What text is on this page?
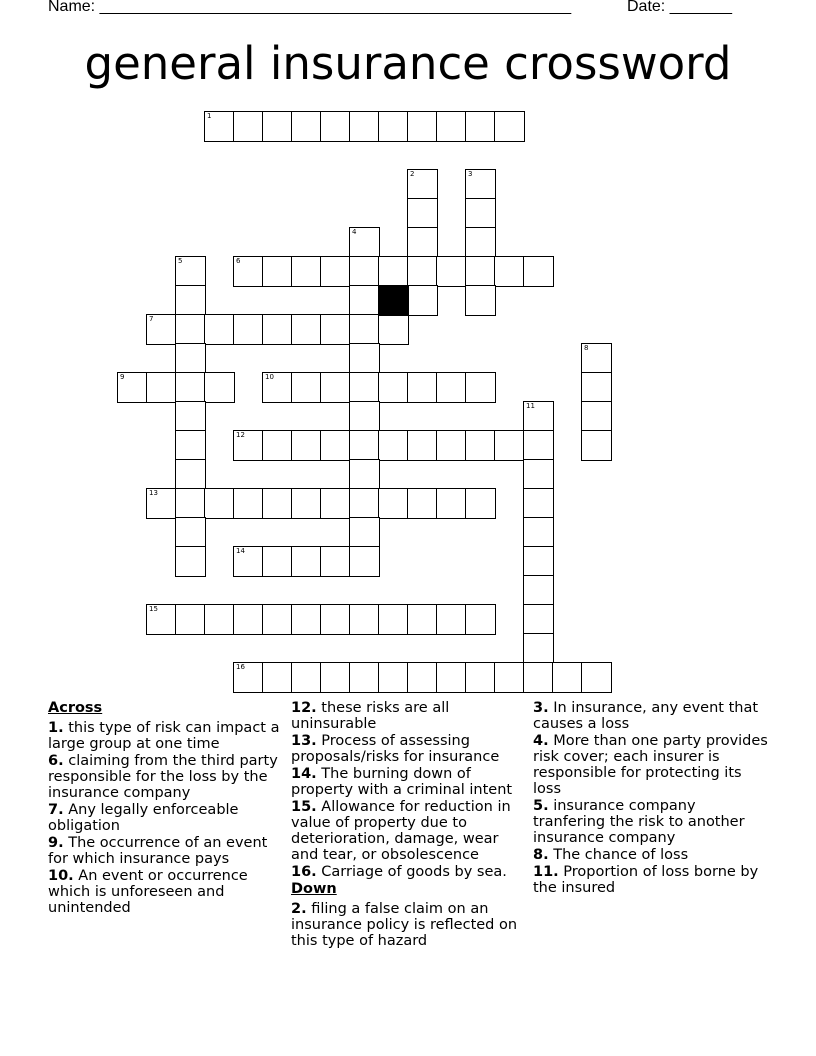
Name: _____________________________________________________	Date: _______
general insurance crossword
1
2	3
4
5	6
7
8
9	10
11
12
13
14
15
16
Across
1. this type of risk can impact a large group at one time
6. claiming from the third party responsible for the loss by the insurance company
7. Any legally enforceable obligation
9. The occurrence of an event for which insurance pays
10. An event or occurrence which is unforeseen and unintended
12. these risks are all uninsurable
13. Process of assessing proposals/risks for insurance
14. The burning down of property with a criminal intent
15. Allowance for reduction in value of property due to deterioration, damage, wear and tear, or obsolescence
16. Carriage of goods by sea.
Down
2. filing a false claim on an insurance policy is reflected on this type of hazard
3. In insurance, any event that causes a loss
4. More than one party provides risk cover; each insurer is responsible for protecting its loss
5. insurance company tranfering the risk to another insurance company
8. The chance of loss
11. Proportion of loss borne by the insured
